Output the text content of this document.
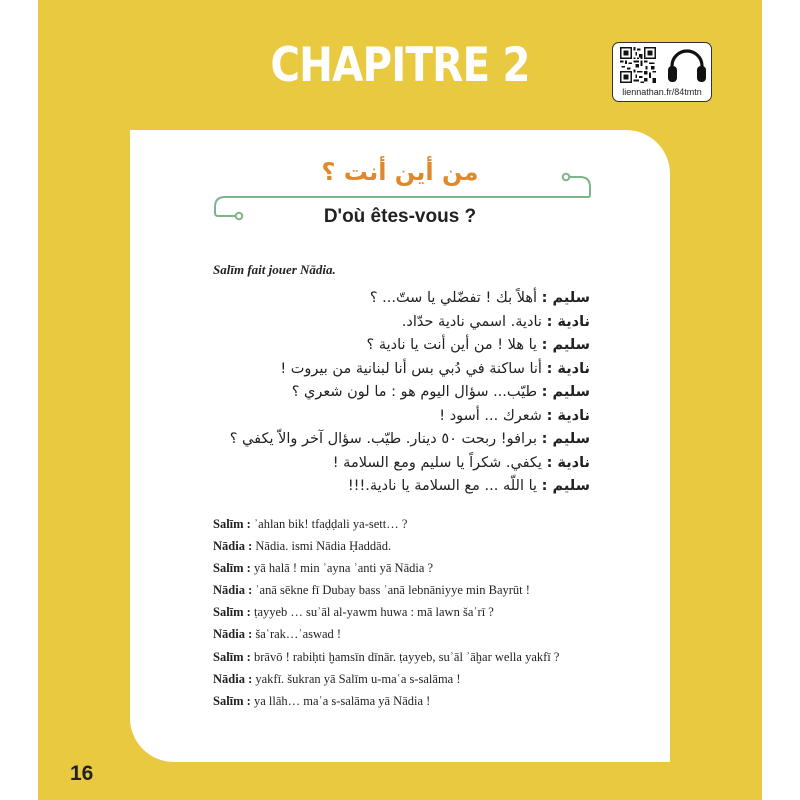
CHAPITRE 2	liennathan.fr/84tmtn
من أين أنت ؟
D'où êtes-vous ?
Salīm fait jouer Nādia.
سليم : أهلاً بك ! تفضّلي يا ستّ... ؟
نادية : نادية. اسمي نادية حدّاد.
سليم : يا هلا ! من أين أنت يا نادية ؟
نادية : أنا ساكنة في دُبي بس أنا لبنانية من بيروت !
سليم : طيّب... سؤال اليوم هو : ما لون شعري ؟
نادية : شعرك ... أسود !
سليم : برافو! ربحت ٥٠ دينار. طيّب. سؤال آخر والاّ يكفي ؟
نادية : يكفي. شكراً يا سليم ومع السلامة !
سليم : يا اللّه ... مع السلامة يا نادية.!!!
Salīm : ʾahlan bik! tfaḍḍali ya-sett… ?
Nādia : Nādia. ismi Nādia Ḥaddād.
Salīm : yā halā ! min ʾayna ʾanti yā Nādia ?
Nādia : ʾanā sēkne fī Dubay bass ʾanā lebnāniyye min Bayrūt !
Salīm : ṭayyeb … suʾāl al-yawm huwa : mā lawn šaʿrī ?
Nādia : šaʿrak…ʾaswad !
Salīm : brāvō ! rabiḥti ḫamsīn dīnār. ṭayyeb, suʾāl ʾāḫar wella yakfī ?
Nādia : yakfī. šukran yā Salīm u-maʿa s-salāma !
Salīm : ya llāh… maʿa s-salāma yā Nādia !
16
